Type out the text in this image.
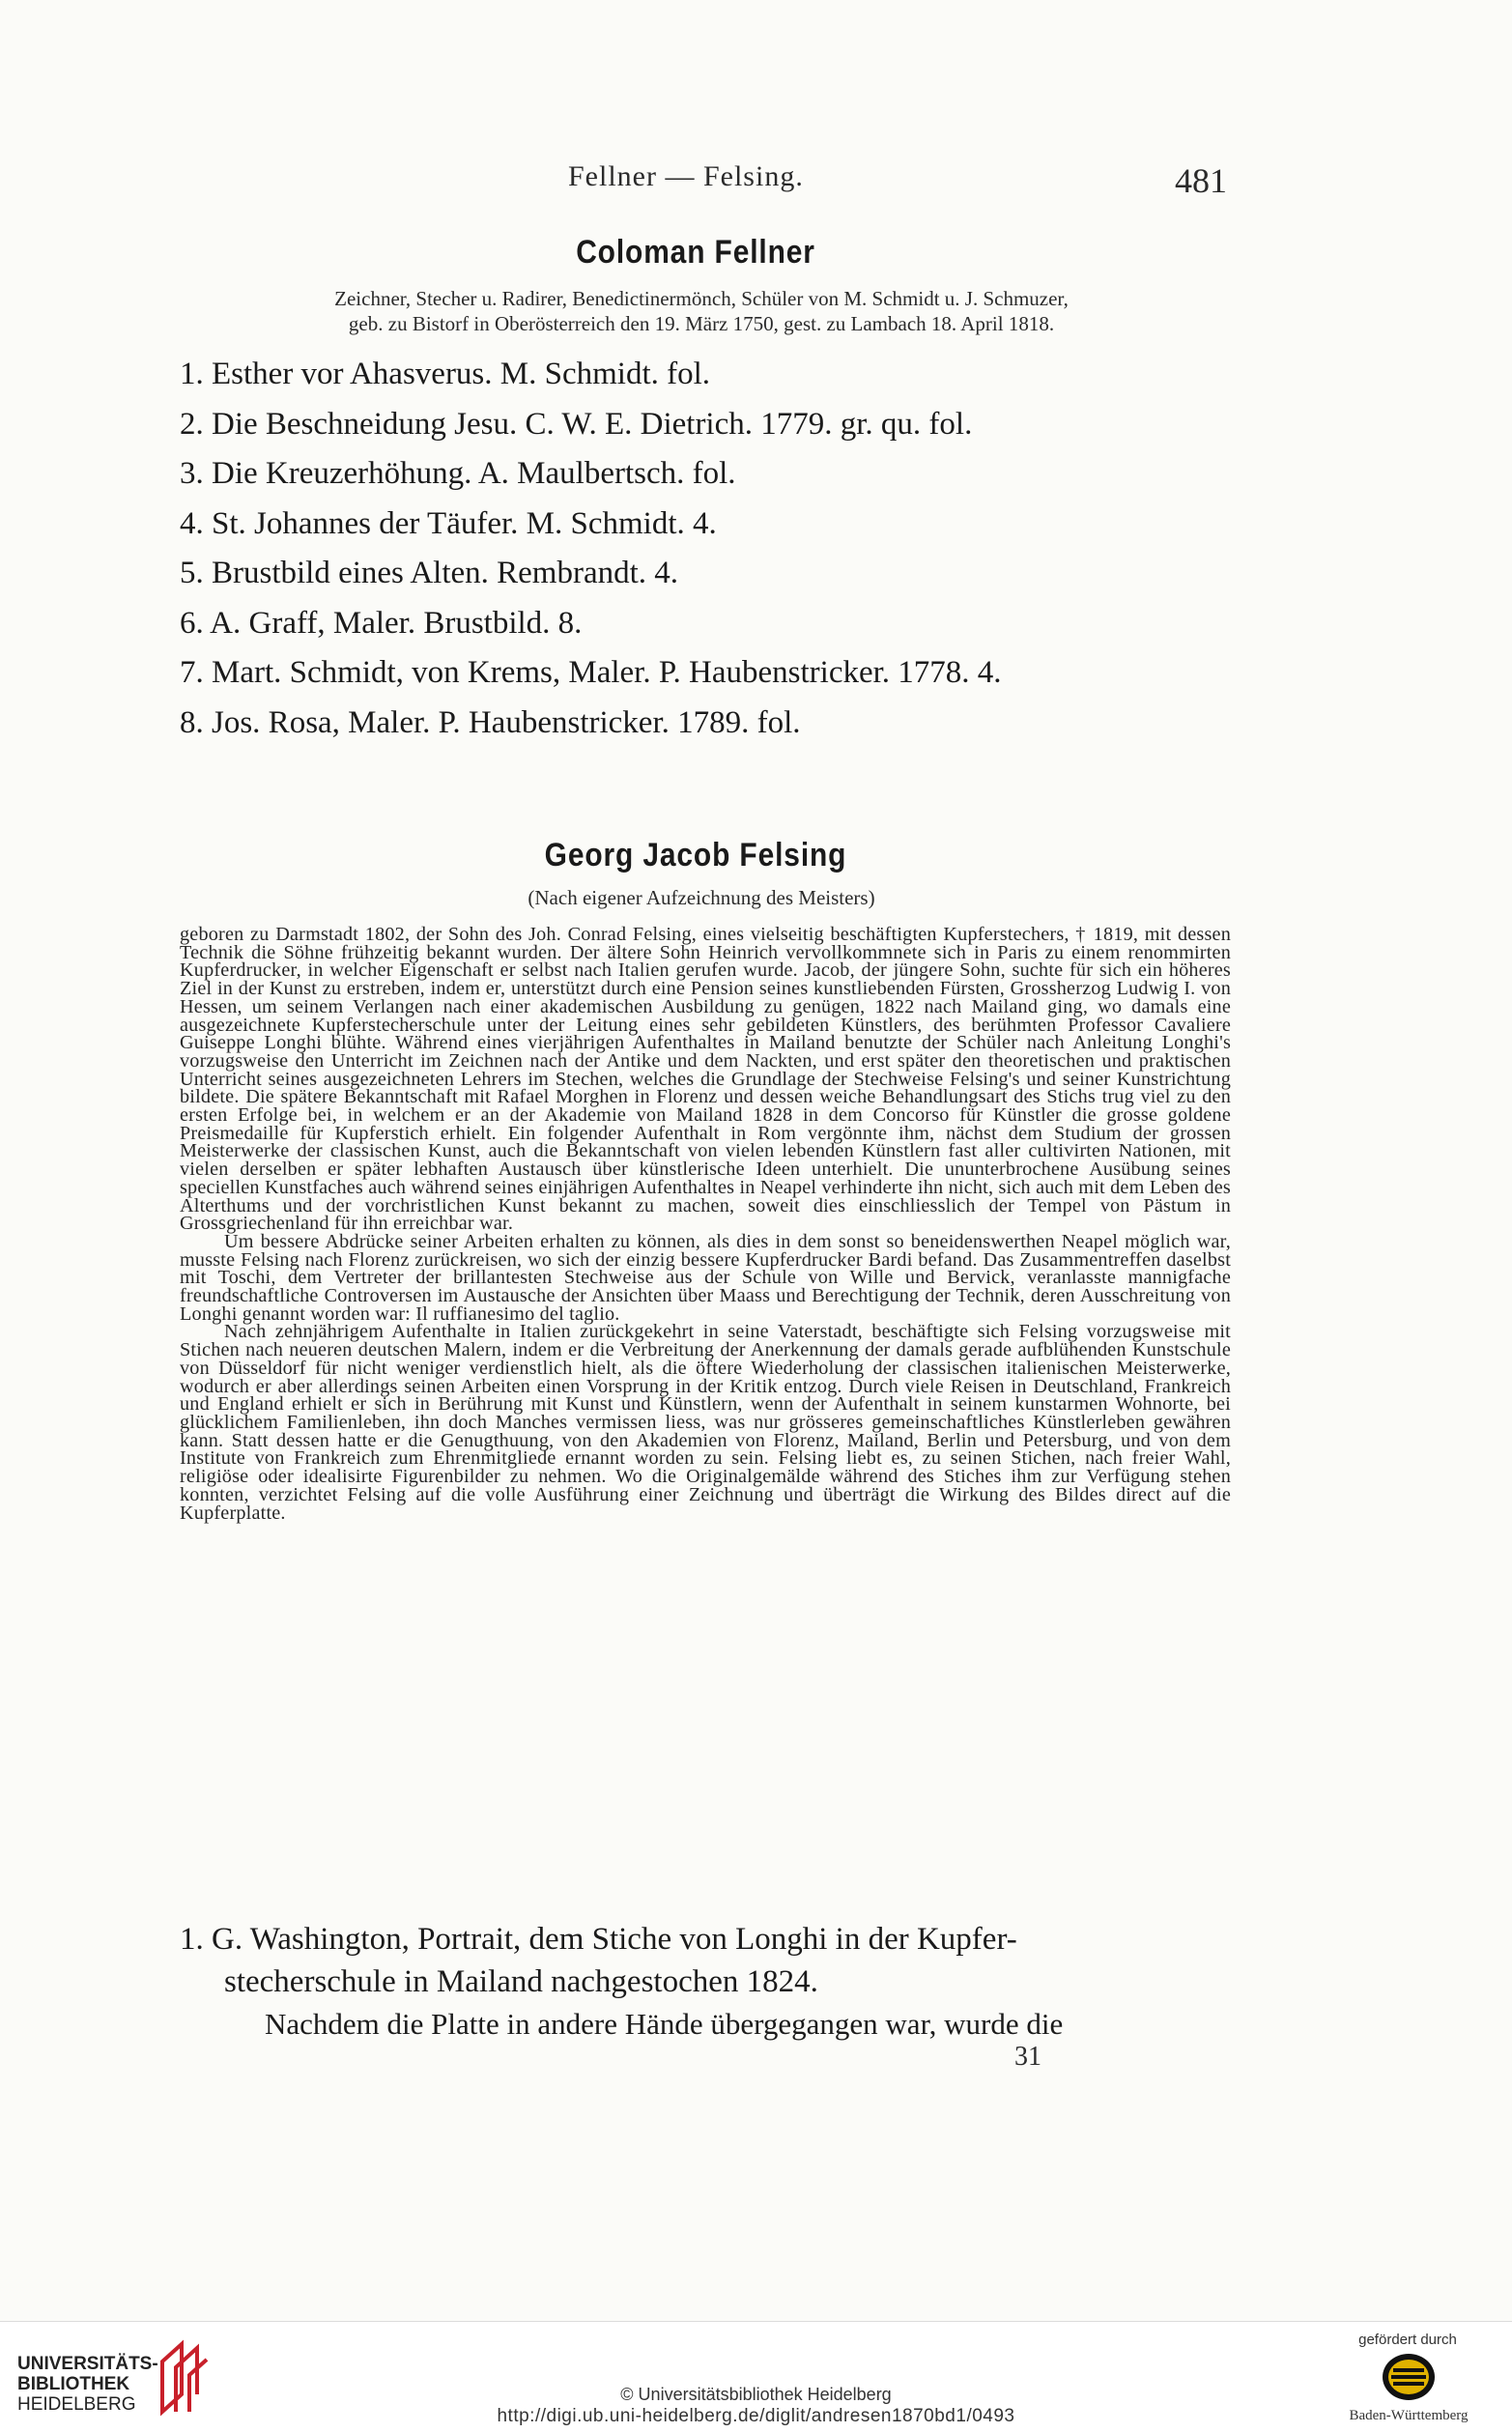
Fellner — Felsing.	481
Coloman Fellner
Zeichner, Stecher u. Radirer, Benedictinermönch, Schüler von M. Schmidt u. J. Schmuzer,
geb. zu Bistorf in Oberösterreich den 19. März 1750, gest. zu Lambach 18. April 1818.
1. Esther vor Ahasverus. M. Schmidt. fol.
2. Die Beschneidung Jesu. C. W. E. Dietrich. 1779. gr. qu. fol.
3. Die Kreuzerhöhung. A. Maulbertsch. fol.
4. St. Johannes der Täufer. M. Schmidt. 4.
5. Brustbild eines Alten. Rembrandt. 4.
6. A. Graff, Maler. Brustbild. 8.
7. Mart. Schmidt, von Krems, Maler. P. Haubenstricker. 1778. 4.
8. Jos. Rosa, Maler. P. Haubenstricker. 1789. fol.
Georg Jacob Felsing
(Nach eigener Aufzeichnung des Meisters)

geboren zu Darmstadt 1802, der Sohn des Joh. Conrad Felsing, eines vielseitig beschäftigten Kupferstechers, † 1819, mit dessen Technik die Söhne frühzeitig bekannt wurden. Der ältere Sohn Heinrich vervollkommnete sich in Paris zu einem renommirten Kupferdrucker, in welcher Eigenschaft er selbst nach Italien gerufen wurde. Jacob, der jüngere Sohn, suchte für sich ein höheres Ziel in der Kunst zu erstreben, indem er, unterstützt durch eine Pension seines kunstliebenden Fürsten, Grossherzog Ludwig I. von Hessen, um seinem Verlangen nach einer akademischen Ausbildung zu genügen, 1822 nach Mailand ging, wo damals eine ausgezeichnete Kupferstecherschule unter der Leitung eines sehr gebildeten Künstlers, des berühmten Professor Cavaliere Guiseppe Longhi blühte. Während eines vierjährigen Aufenthaltes in Mailand benutzte der Schüler nach Anleitung Longhi's vorzugsweise den Unterricht im Zeichnen nach der Antike und dem Nackten, und erst später den theoretischen und praktischen Unterricht seines ausgezeichneten Lehrers im Stechen, welches die Grundlage der Stechweise Felsing's und seiner Kunstrichtung bildete. Die spätere Bekanntschaft mit Rafael Morghen in Florenz und dessen weiche Behandlungsart des Stichs trug viel zu den ersten Erfolge bei, in welchem er an der Akademie von Mailand 1828 in dem Concorso für Künstler die grosse goldene Preismedaille für Kupferstich erhielt. Ein folgender Aufenthalt in Rom vergönnte ihm, nächst dem Studium der grossen Meisterwerke der classischen Kunst, auch die Bekanntschaft von vielen lebenden Künstlern fast aller cultivirten Nationen, mit vielen derselben er später lebhaften Austausch über künstlerische Ideen unterhielt. Die ununterbrochene Ausübung seines speciellen Kunstfaches auch während seines einjährigen Aufenthaltes in Neapel verhinderte ihn nicht, sich auch mit dem Leben des Alterthums und der vorchristlichen Kunst bekannt zu machen, soweit dies einschliesslich der Tempel von Pästum in Grossgriechenland für ihn erreichbar war.

Um bessere Abdrücke seiner Arbeiten erhalten zu können, als dies in dem sonst so beneidenswerthen Neapel möglich war, musste Felsing nach Florenz zurückreisen, wo sich der einzig bessere Kupferdrucker Bardi befand. Das Zusammentreffen daselbst mit Toschi, dem Vertreter der brillantesten Stechweise aus der Schule von Wille und Bervick, veranlasste mannigfache freundschaftliche Controversen im Austausche der Ansichten über Maass und Berechtigung der Technik, deren Ausschreitung von Longhi genannt worden war: Il ruffianesimo del taglio.

Nach zehnjährigem Aufenthalte in Italien zurückgekehrt in seine Vaterstadt, beschäftigte sich Felsing vorzugsweise mit Stichen nach neueren deutschen Malern, indem er die Verbreitung der Anerkennung der damals gerade aufblühenden Kunstschule von Düsseldorf für nicht weniger verdienstlich hielt, als die öftere Wiederholung der classischen italienischen Meisterwerke, wodurch er aber allerdings seinen Arbeiten einen Vorsprung in der Kritik entzog. Durch viele Reisen in Deutschland, Frankreich und England erhielt er sich in Berührung mit Kunst und Künstlern, wenn der Aufenthalt in seinem kunstarmen Wohnorte, bei glücklichem Familienleben, ihn doch Manches vermissen liess, was nur grösseres gemeinschaftliches Künstlerleben gewähren kann. Statt dessen hatte er die Genugthuung, von den Akademien von Florenz, Mailand, Berlin und Petersburg, und von dem Institute von Frankreich zum Ehrenmitgliede ernannt worden zu sein. Felsing liebt es, zu seinen Stichen, nach freier Wahl, religiöse oder idealisirte Figurenbilder zu nehmen. Wo die Originalgemälde während des Stiches ihm zur Verfügung stehen konnten, verzichtet Felsing auf die volle Ausführung einer Zeichnung und überträgt die Wirkung des Bildes direct auf die Kupferplatte.

1. G. Washington, Portrait, dem Stiche von Longhi in der Kupfer-
stecherschule in Mailand nachgestochen 1824.
Nachdem die Platte in andere Hände übergegangen war, wurde die
31
UNIVERSITÄTS-
BIBLIOTHEK
HEIDELBERG	© Universitätsbibliothek Heidelberg
http://digi.ub.uni-heidelberg.de/diglit/andresen1870bd1/0493
gefördert durch
Baden-Württemberg
